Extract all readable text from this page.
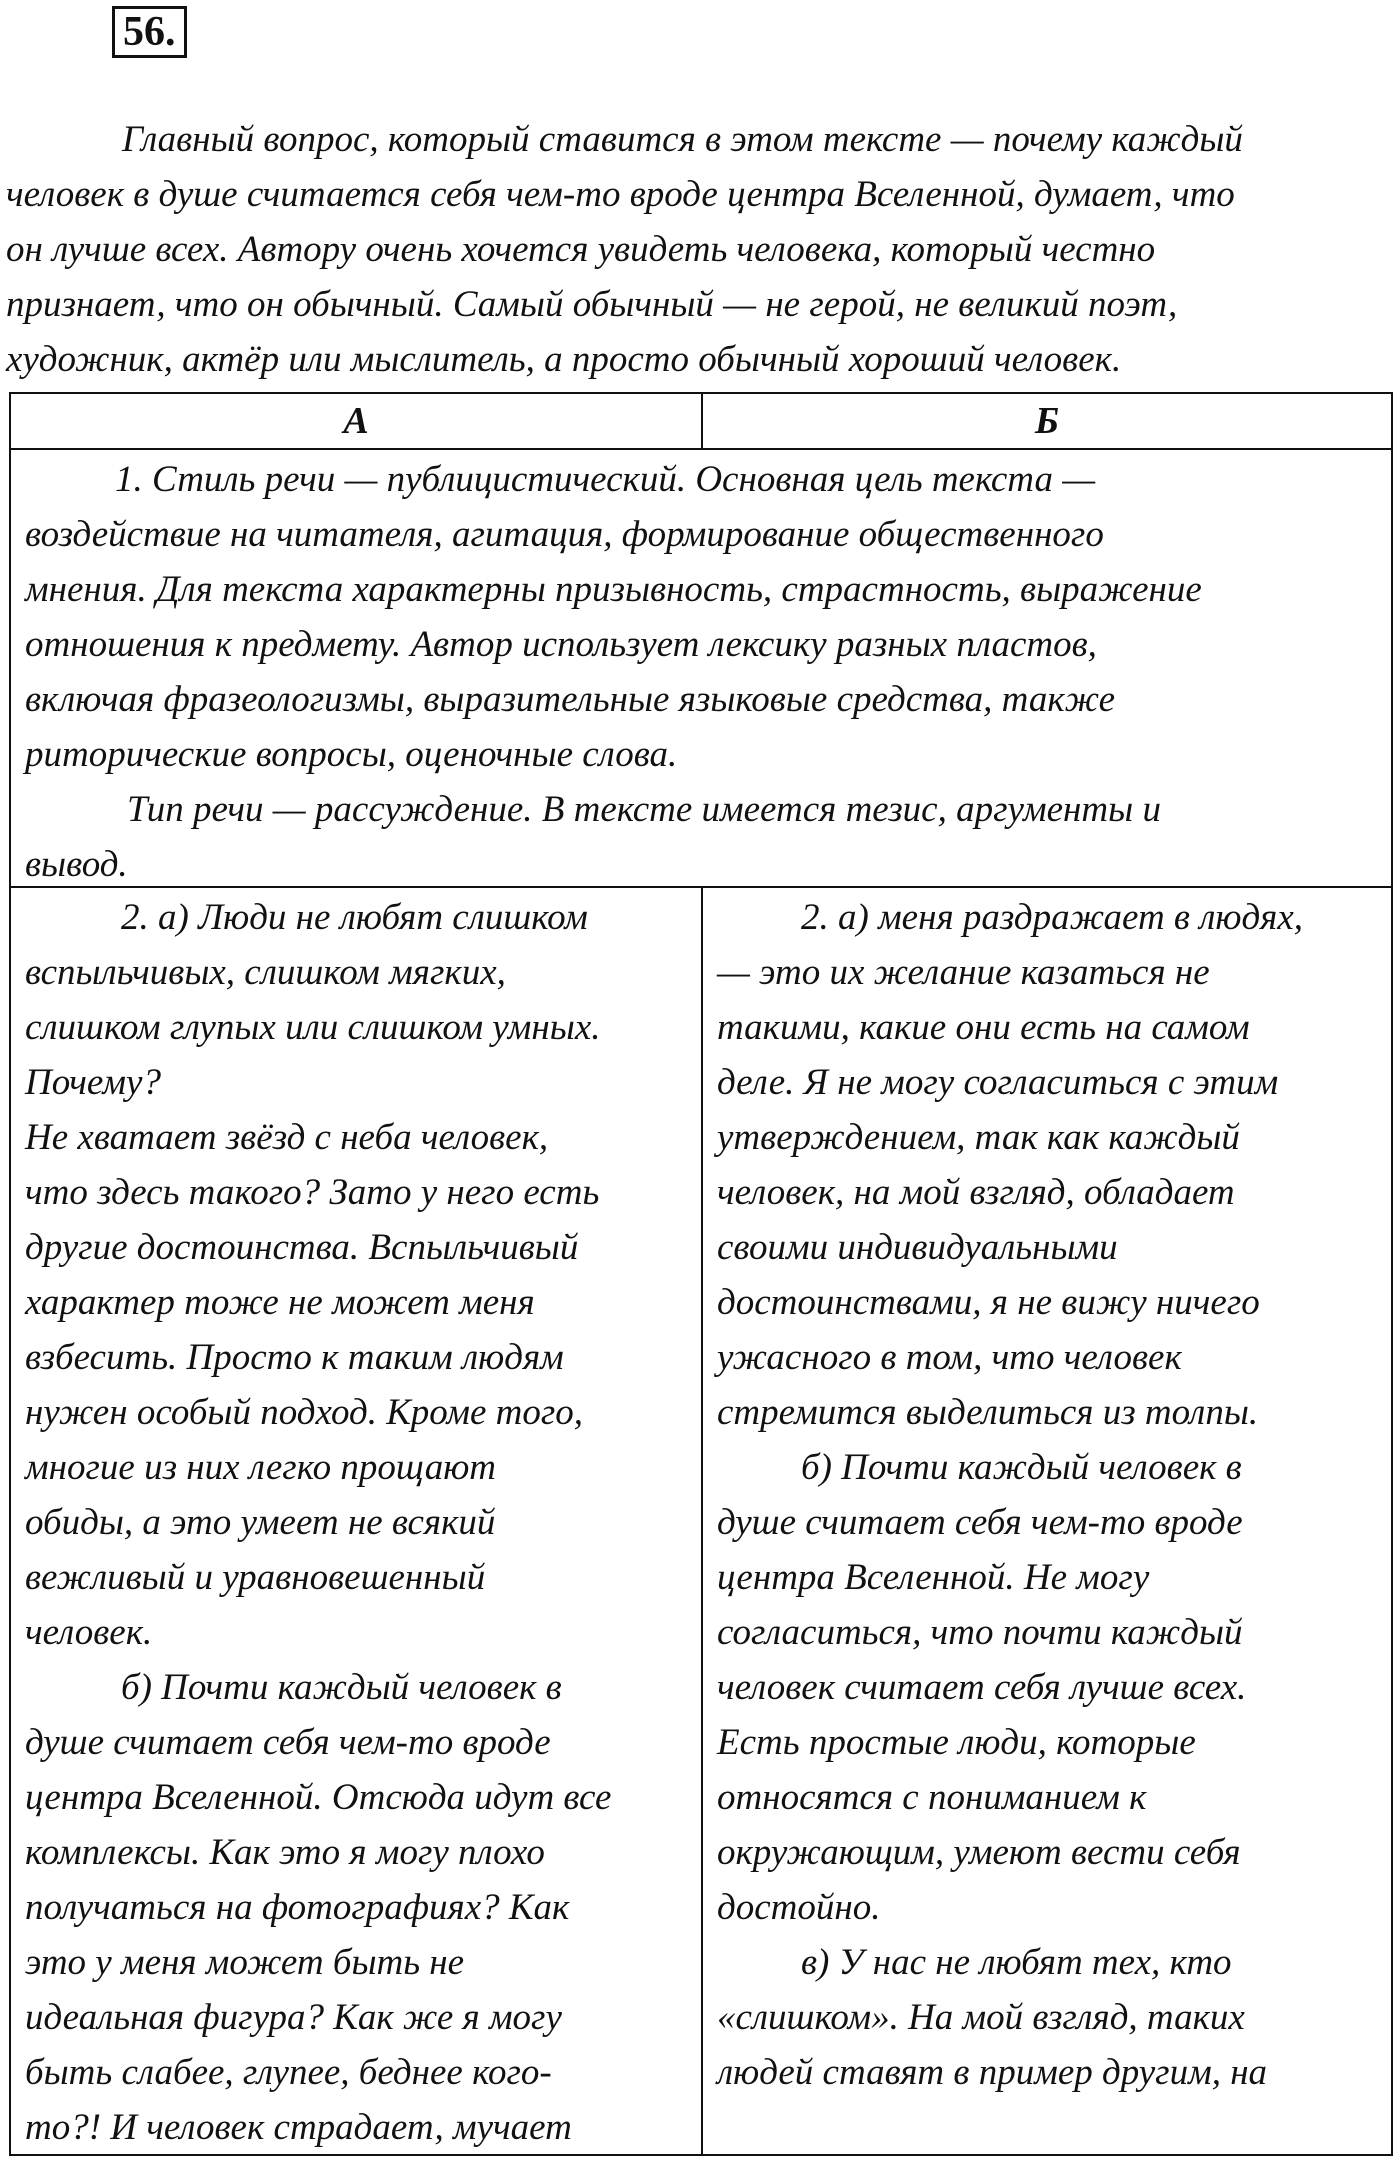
56.
Главный вопрос, который ставится в этом тексте — почему каждый
человек в душе считается себя чем-то вроде центра Вселенной, думает, что
он лучше всех. Автору очень хочется увидеть человека, который честно
признает, что он обычный. Самый обычный — не герой, не великий поэт,
художник, актёр или мыслитель, а просто обычный хороший человек.
А	Б
1. Стиль речи — публицистический. Основная цель текста —
воздействие на читателя, агитация, формирование общественного
мнения. Для текста характерны призывность, страстность, выражение
отношения к предмету. Автор использует лексику разных пластов,
включая фразеологизмы, выразительные языковые средства, также
риторические вопросы, оценочные слова.
Тип речи — рассуждение. В тексте имеется тезис, аргументы и
вывод.
2. а) Люди не любят слишком
вспыльчивых, слишком мягких,
слишком глупых или слишком умных.
Почему?
Не хватает звёзд с неба человек,
что здесь такого? Зато у него есть
другие достоинства. Вспыльчивый
характер тоже не может меня
взбесить. Просто к таким людям
нужен особый подход. Кроме того,
многие из них легко прощают
обиды, а это умеет не всякий
вежливый и уравновешенный
человек.
б) Почти каждый человек в
душе считает себя чем-то вроде
центра Вселенной. Отсюда идут все
комплексы. Как это я могу плохо
получаться на фотографиях? Как
это у меня может быть не
идеальная фигура? Как же я могу
быть слабее, глупее, беднее кого-
то?! И человек страдает, мучает
2. а) меня раздражает в людях,
— это их желание казаться не
такими, какие они есть на самом
деле. Я не могу согласиться с этим
утверждением, так как каждый
человек, на мой взгляд, обладает
своими индивидуальными
достоинствами, я не вижу ничего
ужасного в том, что человек
стремится выделиться из толпы.
б) Почти каждый человек в
душе считает себя чем-то вроде
центра Вселенной. Не могу
согласиться, что почти каждый
человек считает себя лучше всех.
Есть простые люди, которые
относятся с пониманием к
окружающим, умеют вести себя
достойно.
в) У нас не любят тех, кто
«слишком». На мой взгляд, таких
людей ставят в пример другим, на
